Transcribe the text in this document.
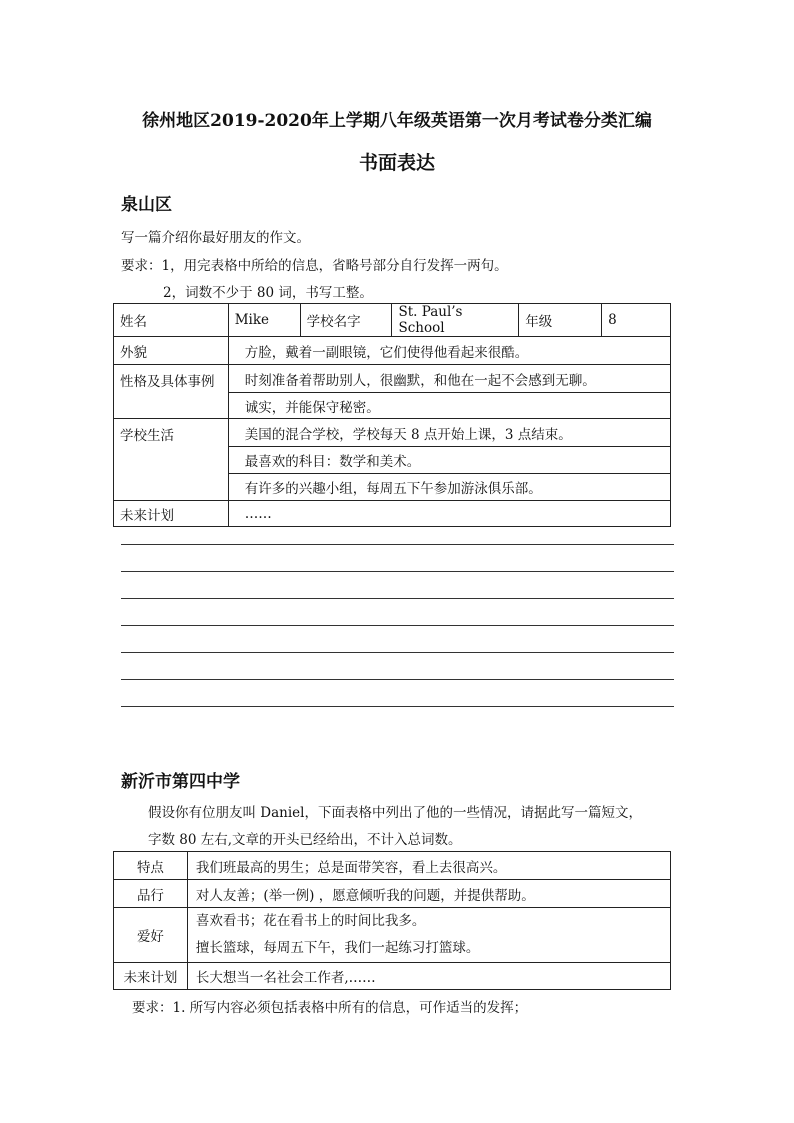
徐州地区2019-2020年上学期八年级英语第一次月考试卷分类汇编
书面表达
泉山区
写一篇介绍你最好朋友的作文。
要求：1，用完表格中所给的信息，省略号部分自行发挥一两句。
2，词数不少于 80 词，书写工整。
姓名	Mike	学校名字	St. Paul’s School	年级	8
外貌	方脸，戴着一副眼镜，它们使得他看起来很酷。				
性格及具体事例	时刻准备着帮助别人，很幽默，和他在一起不会感到无聊。				
	诚实，并能保守秘密。				
学校生活	美国的混合学校，学校每天 8 点开始上课，3 点结束。				
	最喜欢的科目：数学和美术。				
	有许多的兴趣小组，每周五下午参加游泳俱乐部。				
未来计划	……				
新沂市第四中学
假设你有位朋友叫 Daniel，下面表格中列出了他的一些情况，请据此写一篇短文，
字数 80 左右,文章的开头已经给出，不计入总词数。
特点	我们班最高的男生；总是面带笑容，看上去很高兴。
品行	对人友善；(举一例) ，愿意倾听我的问题，并提供帮助。
爱好	喜欢看书；花在看书上的时间比我多。
擅长篮球，每周五下午，我们一起练习打篮球。

未来计划	长大想当一名社会工作者,……
要求：1. 所写内容必须包括表格中所有的信息，可作适当的发挥；
